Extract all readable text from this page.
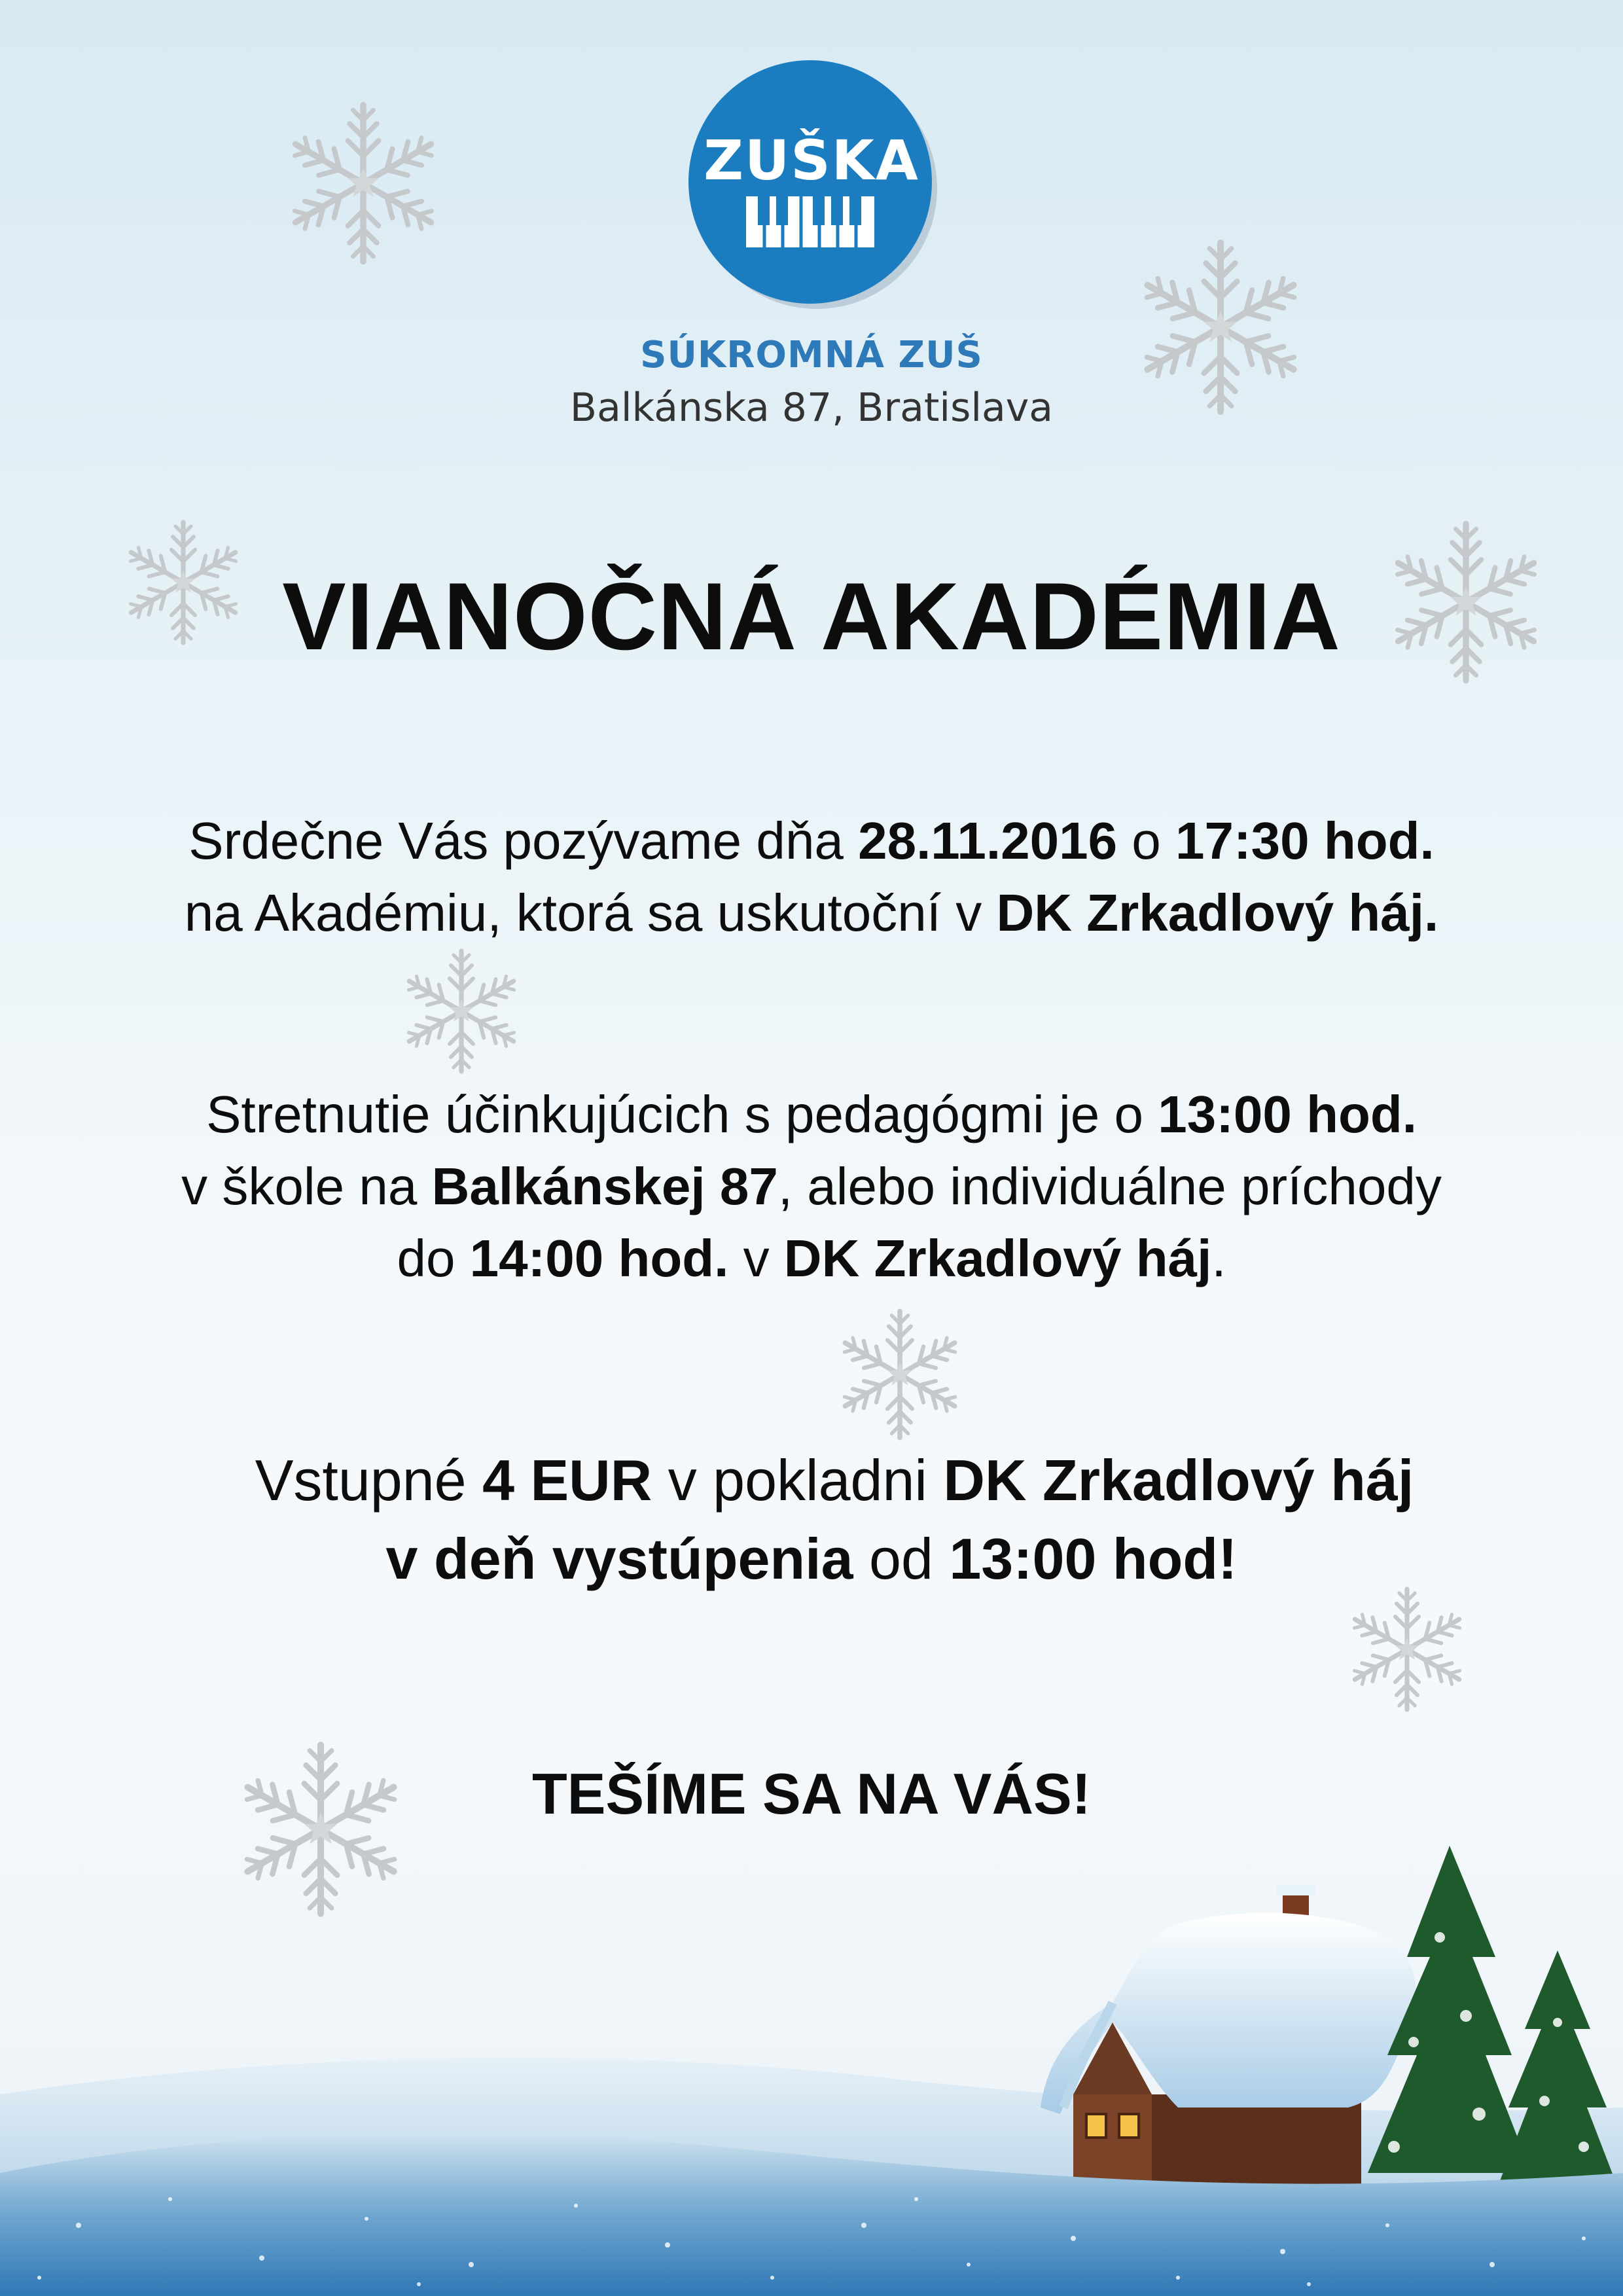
ZUŠKA
SÚKROMNÁ ZUŠ
Balkánska 87, Bratislava
VIANOČNÁ AKADÉMIA
Srdečne Vás pozývame dňa 28.11.2016 o 17:30 hod.
na Akadémiu, ktorá sa uskutoční v DK Zrkadlový háj.
Stretnutie účinkujúcich s pedagógmi je o 13:00 hod.
v škole na Balkánskej 87, alebo individuálne príchody
do 14:00 hod. v DK Zrkadlový háj.
Vstupné 4 EUR v pokladni DK Zrkadlový háj
v deň vystúpenia od 13:00 hod!
TEŠÍME SA NA VÁS!
